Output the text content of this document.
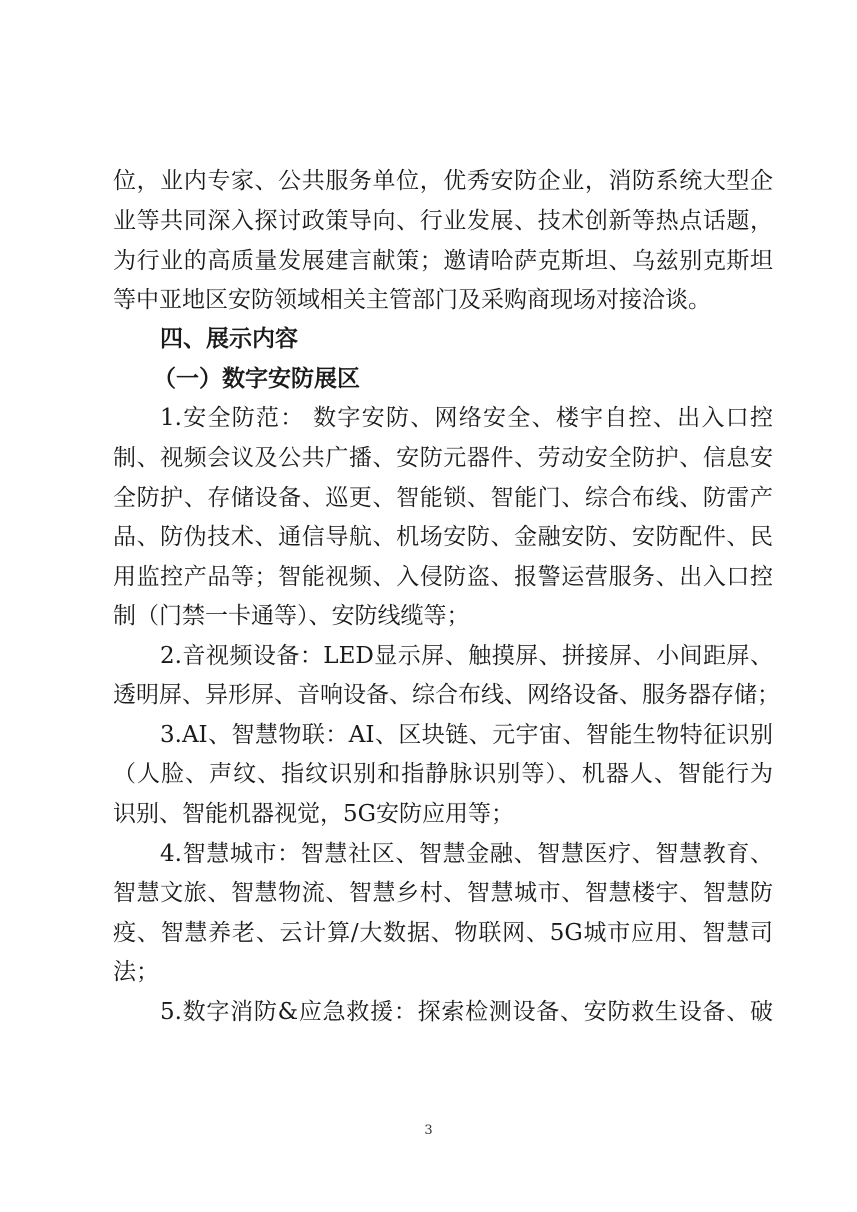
位，业内专家、公共服务单位，优秀安防企业，消防系统大型企
业等共同深入探讨政策导向、行业发展、技术创新等热点话题，
为行业的高质量发展建言献策；邀请哈萨克斯坦、乌兹别克斯坦
等中亚地区安防领域相关主管部门及采购商现场对接洽谈。
四、展示内容
（一）数字安防展区
1.安全防范： 数字安防、网络安全、楼宇自控、出入口控
制、视频会议及公共广播、安防元器件、劳动安全防护、信息安
全防护、存储设备、巡更、智能锁、智能门、综合布线、防雷产
品、防伪技术、通信导航、机场安防、金融安防、安防配件、民
用监控产品等；智能视频、入侵防盗、报警运营服务、出入口控
制（门禁一卡通等）、安防线缆等；
2.音视频设备：LED显示屏、触摸屏、拼接屏、小间距屏、
透明屏、异形屏、音响设备、综合布线、网络设备、服务器存储；
3.AI、智慧物联：AI、区块链、元宇宙、智能生物特征识别
（人脸、声纹、指纹识别和指静脉识别等）、机器人、智能行为
识别、智能机器视觉，5G安防应用等；
4.智慧城市：智慧社区、智慧金融、智慧医疗、智慧教育、
智慧文旅、智慧物流、智慧乡村、智慧城市、智慧楼宇、智慧防
疫、智慧养老、云计算/大数据、物联网、5G城市应用、智慧司
法；
5.数字消防&应急救援：探索检测设备、安防救生设备、破
3
